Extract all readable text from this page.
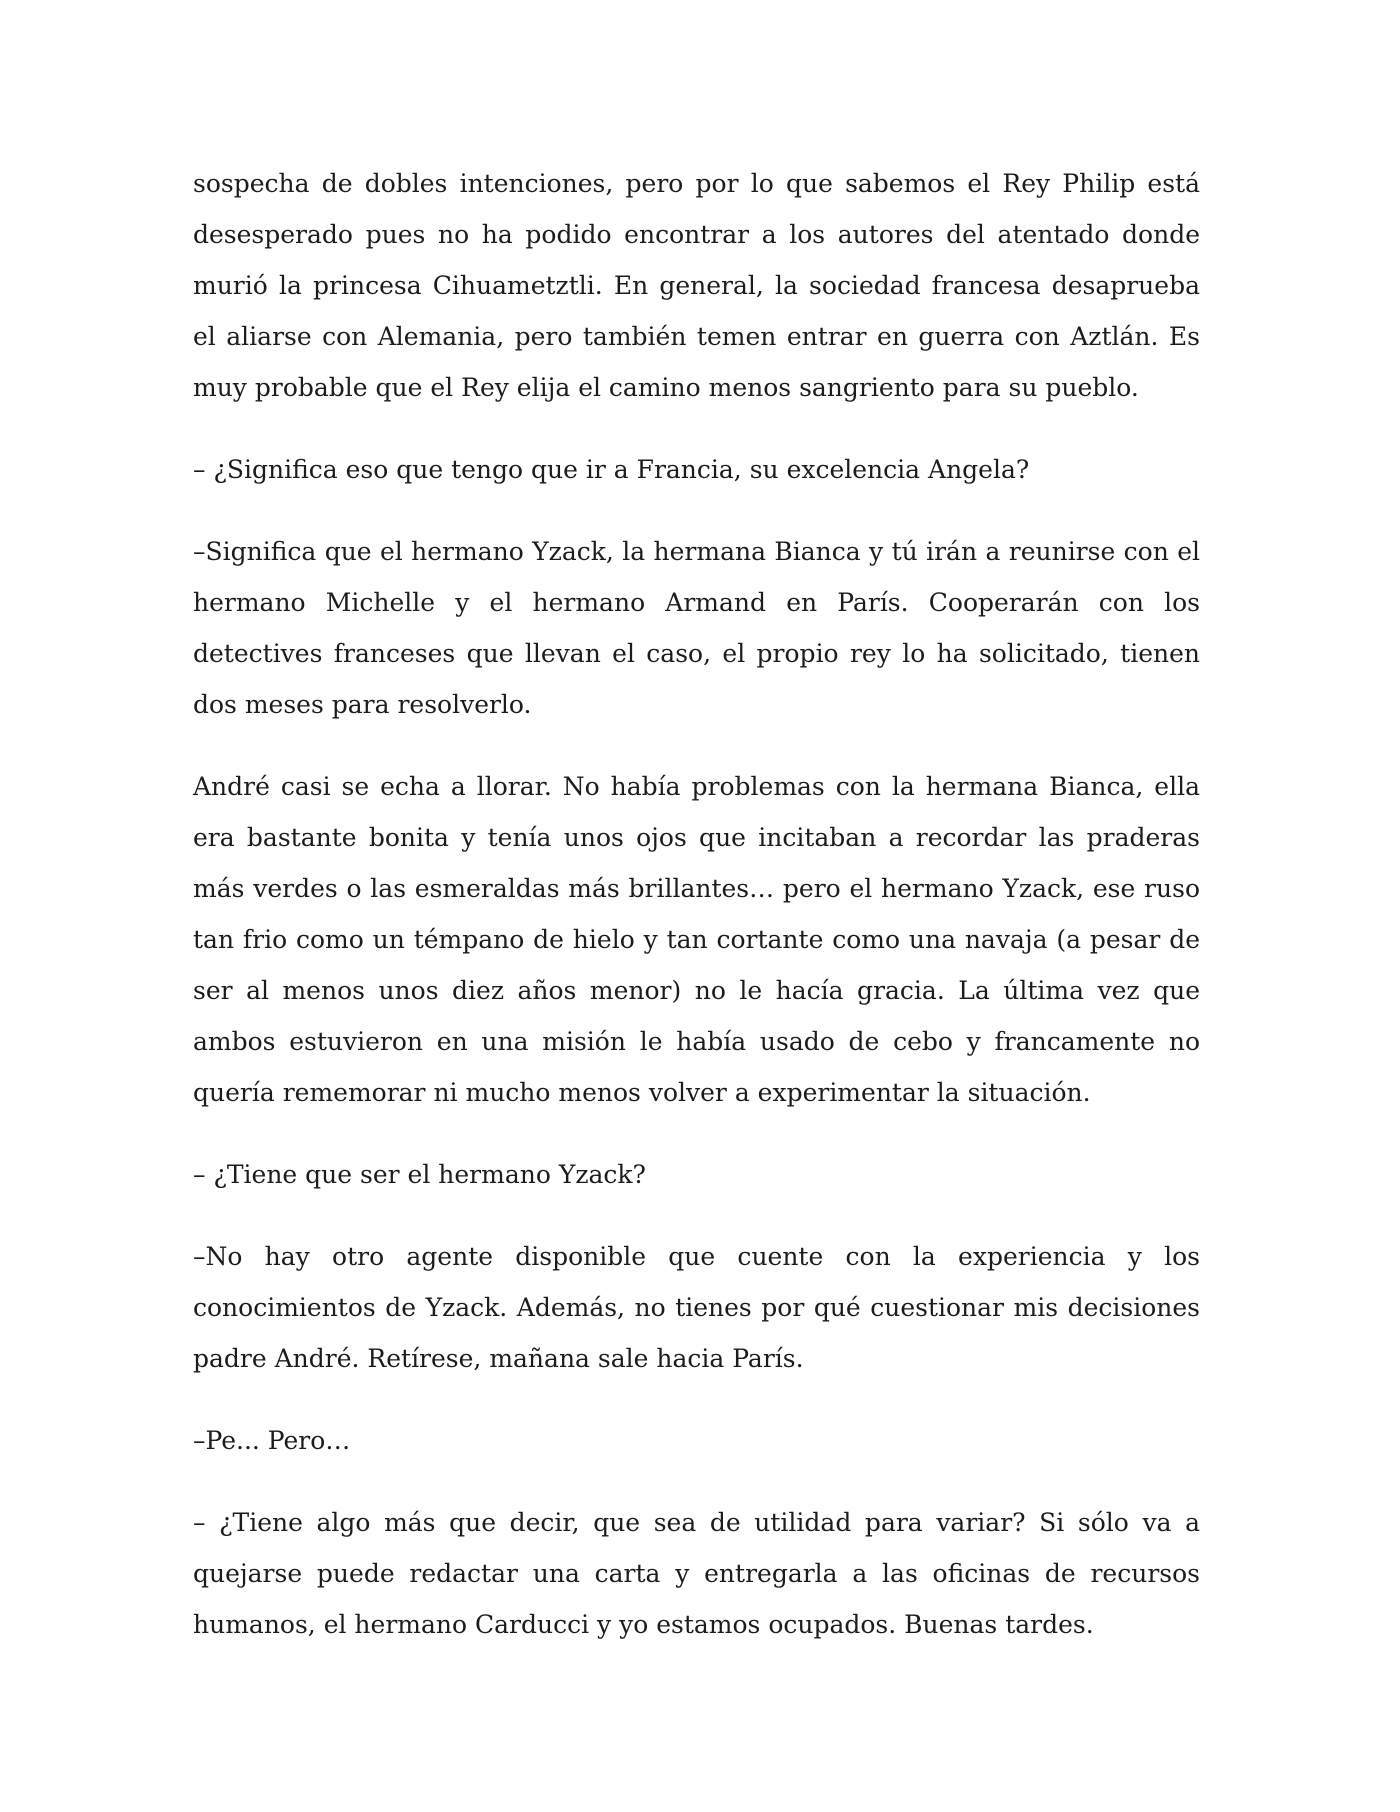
sospecha de dobles intenciones, pero por lo que sabemos el Rey Philip está desesperado pues no ha podido encontrar a los autores del atentado donde murió la princesa Cihuametztli. En general, la sociedad francesa desaprueba el aliarse con Alemania, pero también temen entrar en guerra con Aztlán. Es muy probable que el Rey elija el camino menos sangriento para su pueblo.

– ¿Significa eso que tengo que ir a Francia, su excelencia Angela?

–Significa que el hermano Yzack, la hermana Bianca y tú irán a reunirse con el hermano Michelle y el hermano Armand en París. Cooperarán con los detectives franceses que llevan el caso, el propio rey lo ha solicitado, tienen dos meses para resolverlo.

André casi se echa a llorar. No había problemas con la hermana Bianca, ella era bastante bonita y tenía unos ojos que incitaban a recordar las praderas más verdes o las esmeraldas más brillantes… pero el hermano Yzack, ese ruso tan frio como un témpano de hielo y tan cortante como una navaja (a pesar de ser al menos unos diez años menor) no le hacía gracia. La última vez que ambos estuvieron en una misión le había usado de cebo y francamente no quería rememorar ni mucho menos volver a experimentar la situación.

– ¿Tiene que ser el hermano Yzack?

–No hay otro agente disponible que cuente con la experiencia y los conocimientos de Yzack. Además, no tienes por qué cuestionar mis decisiones padre André. Retírese, mañana sale hacia París.

–Pe... Pero…

– ¿Tiene algo más que decir, que sea de utilidad para variar? Si sólo va a quejarse puede redactar una carta y entregarla a las oficinas de recursos humanos, el hermano Carducci y yo estamos ocupados. Buenas tardes.
